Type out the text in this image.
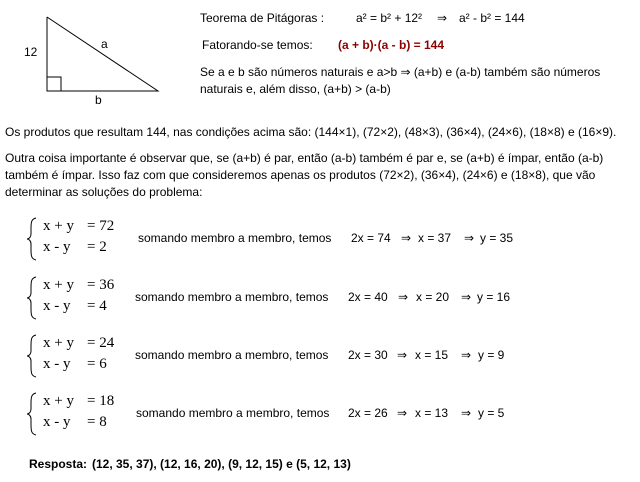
12
a
b
Teorema de Pitágoras :	a² = b² + 12² ⇒ a² - b² = 144
Fatorando-se temos: (a + b)·(a - b) = 144
Se a e b são números naturais e a>b ⇒ (a+b) e (a-b) também são números
naturais e, além disso, (a+b) > (a-b)
Os produtos que resultam 144, nas condições acima são: (144×1), (72×2), (48×3), (36×4), (24×6), (18×8) e (16×9).
Outra coisa importante é observar que, se (a+b) é par, então (a-b) também é par e, se (a+b) é ímpar, então (a-b) também é ímpar. Isso faz com que consideremos apenas os produtos (72×2), (36×4), (24×6) e (18×8), que vão determinar as soluções do problema:
x + y = 72
x - y = 2
somando membro a membro, temos 2x = 74 ⇒ x = 37 ⇒ y = 35
x + y = 36
x - y = 4
somando membro a membro, temos 2x = 40 ⇒ x = 20 ⇒ y = 16
x + y = 24
x - y = 6
somando membro a membro, temos 2x = 30 ⇒ x = 15 ⇒ y = 9
x + y = 18
x - y = 8
somando membro a membro, temos 2x = 26 ⇒ x = 13 ⇒ y = 5
Resposta: (12, 35, 37), (12, 16, 20), (9, 12, 15) e (5, 12, 13)
